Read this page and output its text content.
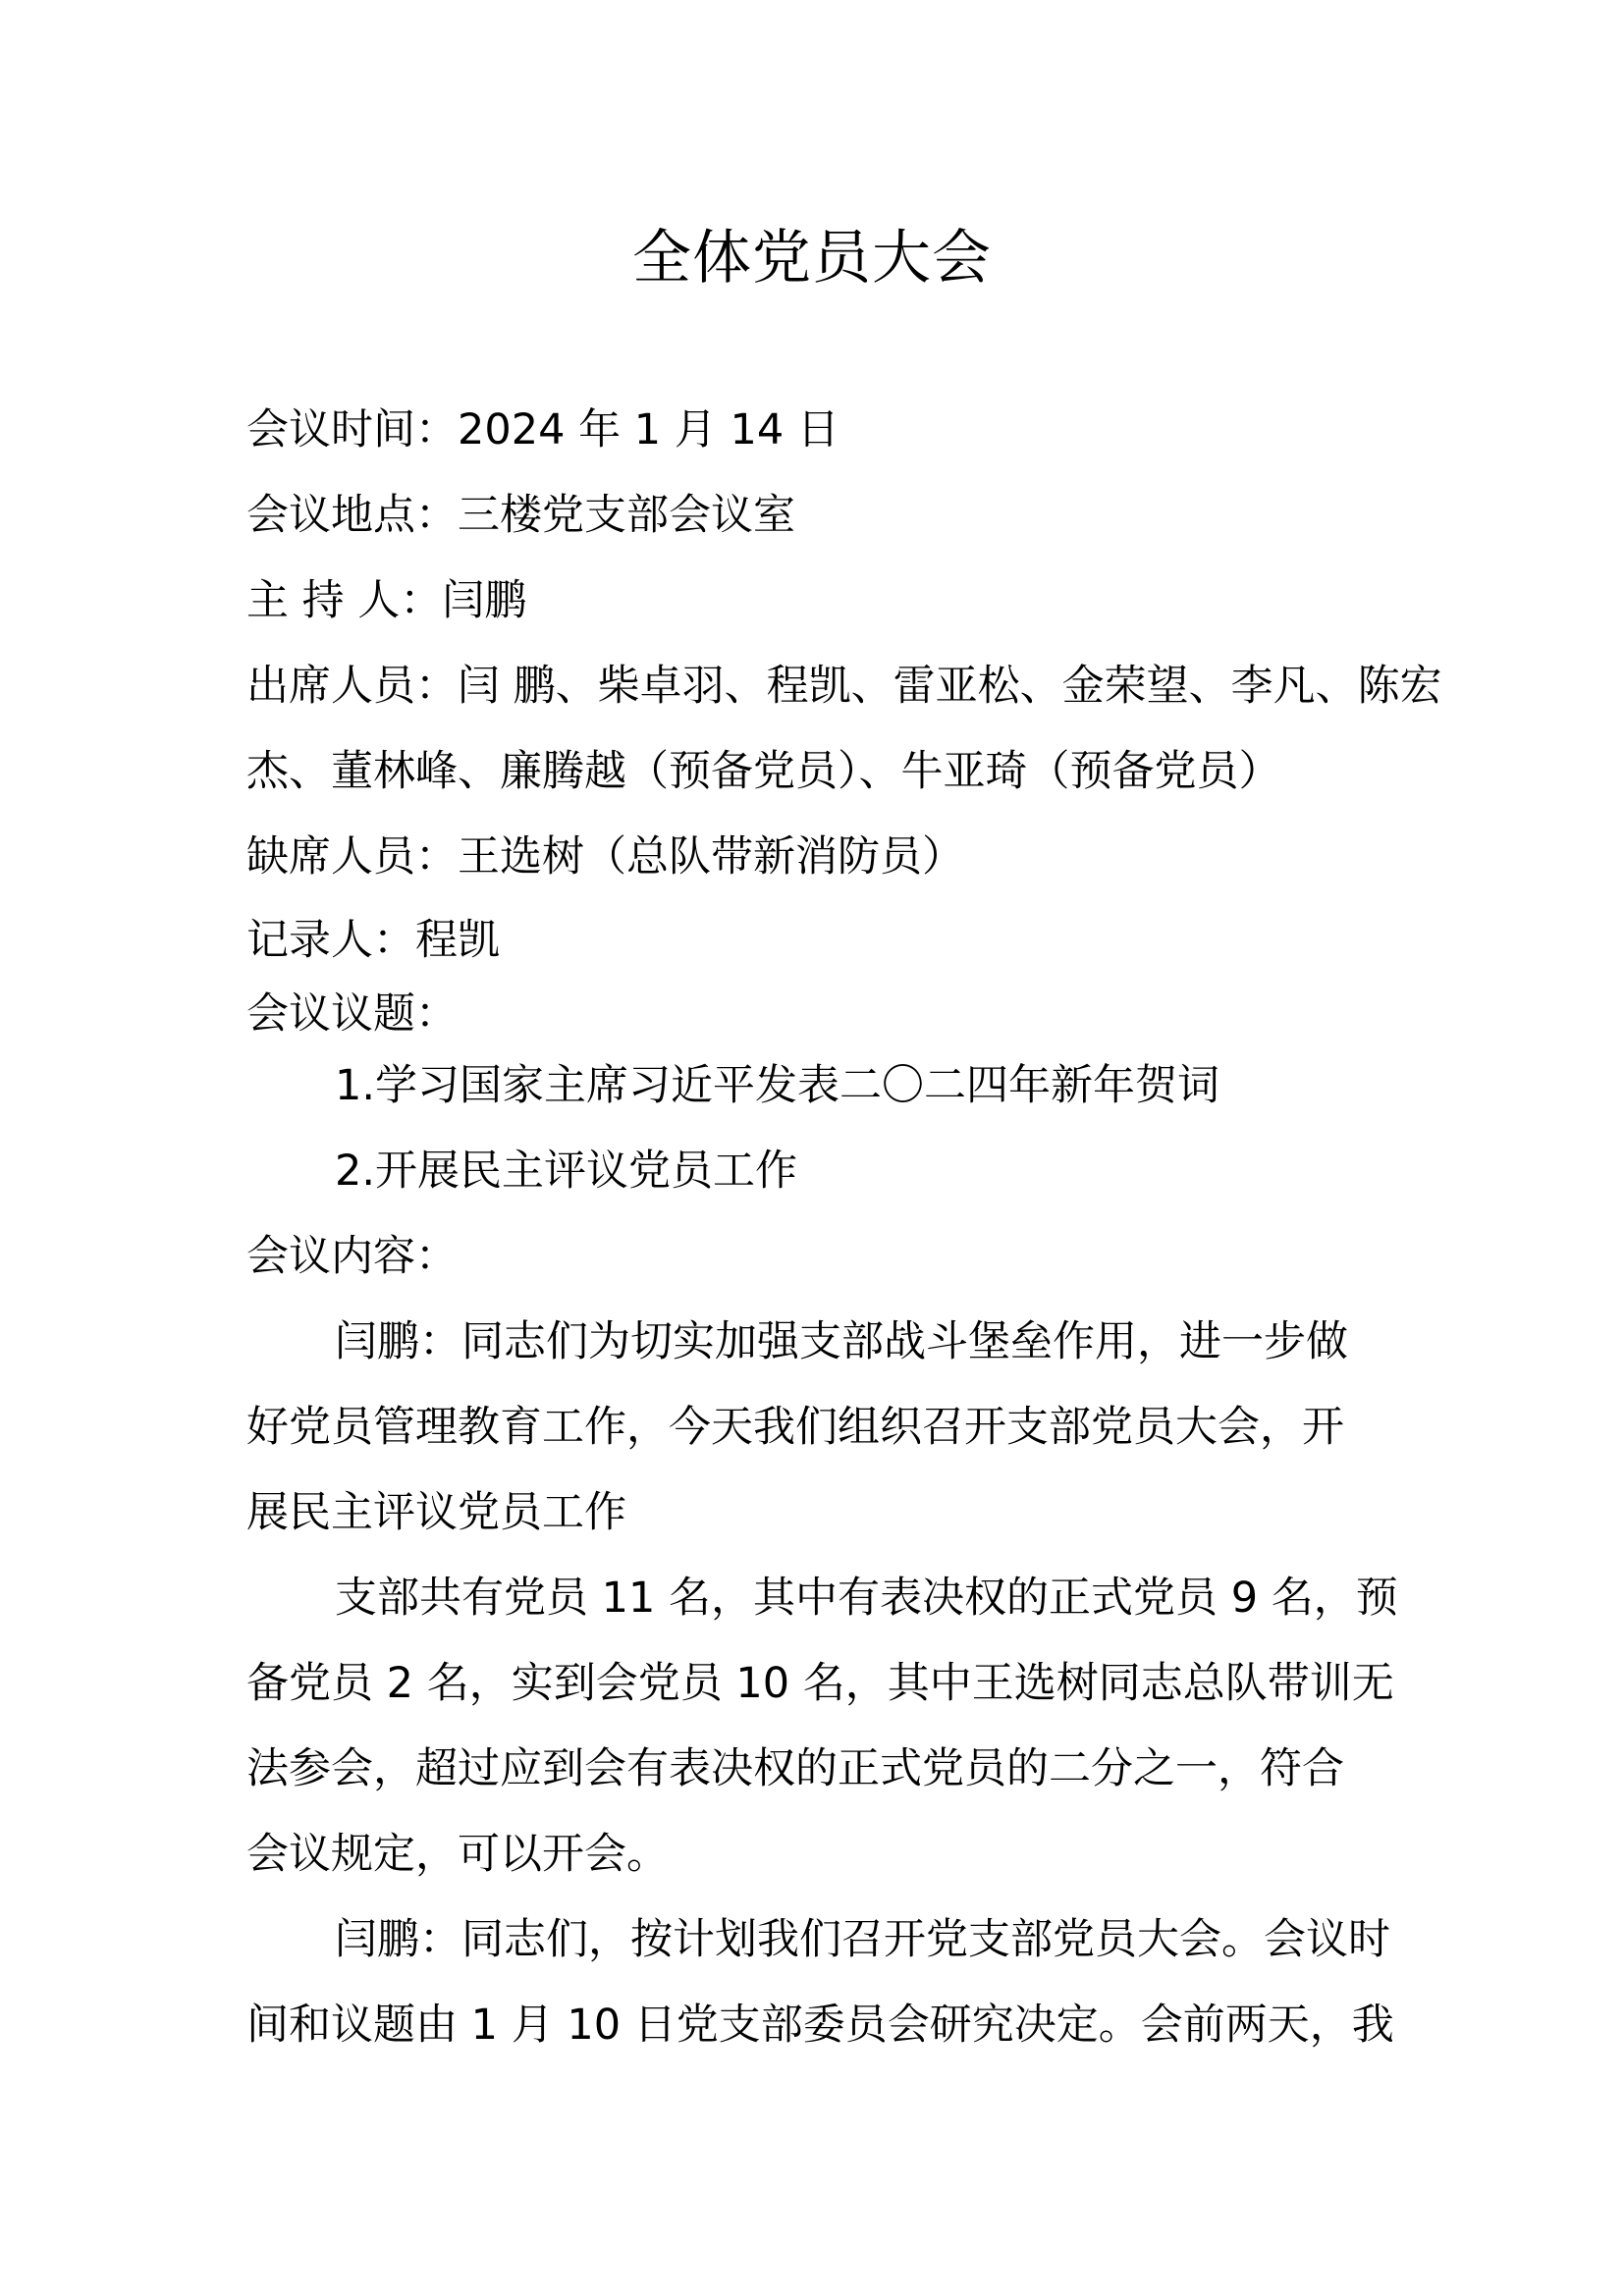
全体党员大会
会议时间：2024 年 1 月 14 日
会议地点：三楼党支部会议室
主 持 人：闫鹏
出席人员：闫 鹏、柴卓羽、程凯、雷亚松、金荣望、李凡、陈宏
杰、董林峰、廉腾越（预备党员）、牛亚琦（预备党员）
缺席人员：王选树（总队带新消防员）
记录人：程凯
会议议题：
1.学习国家主席习近平发表二〇二四年新年贺词
2.开展民主评议党员工作
会议内容：
闫鹏：同志们为切实加强支部战斗堡垒作用，进一步做
好党员管理教育工作，今天我们组织召开支部党员大会，开
展民主评议党员工作
支部共有党员 11 名，其中有表决权的正式党员 9 名，预
备党员 2 名，实到会党员 10 名，其中王选树同志总队带训无
法参会，超过应到会有表决权的正式党员的二分之一，符合
会议规定，可以开会。
闫鹏：同志们，按计划我们召开党支部党员大会。会议时
间和议题由 1 月 10 日党支部委员会研究决定。会前两天，我
